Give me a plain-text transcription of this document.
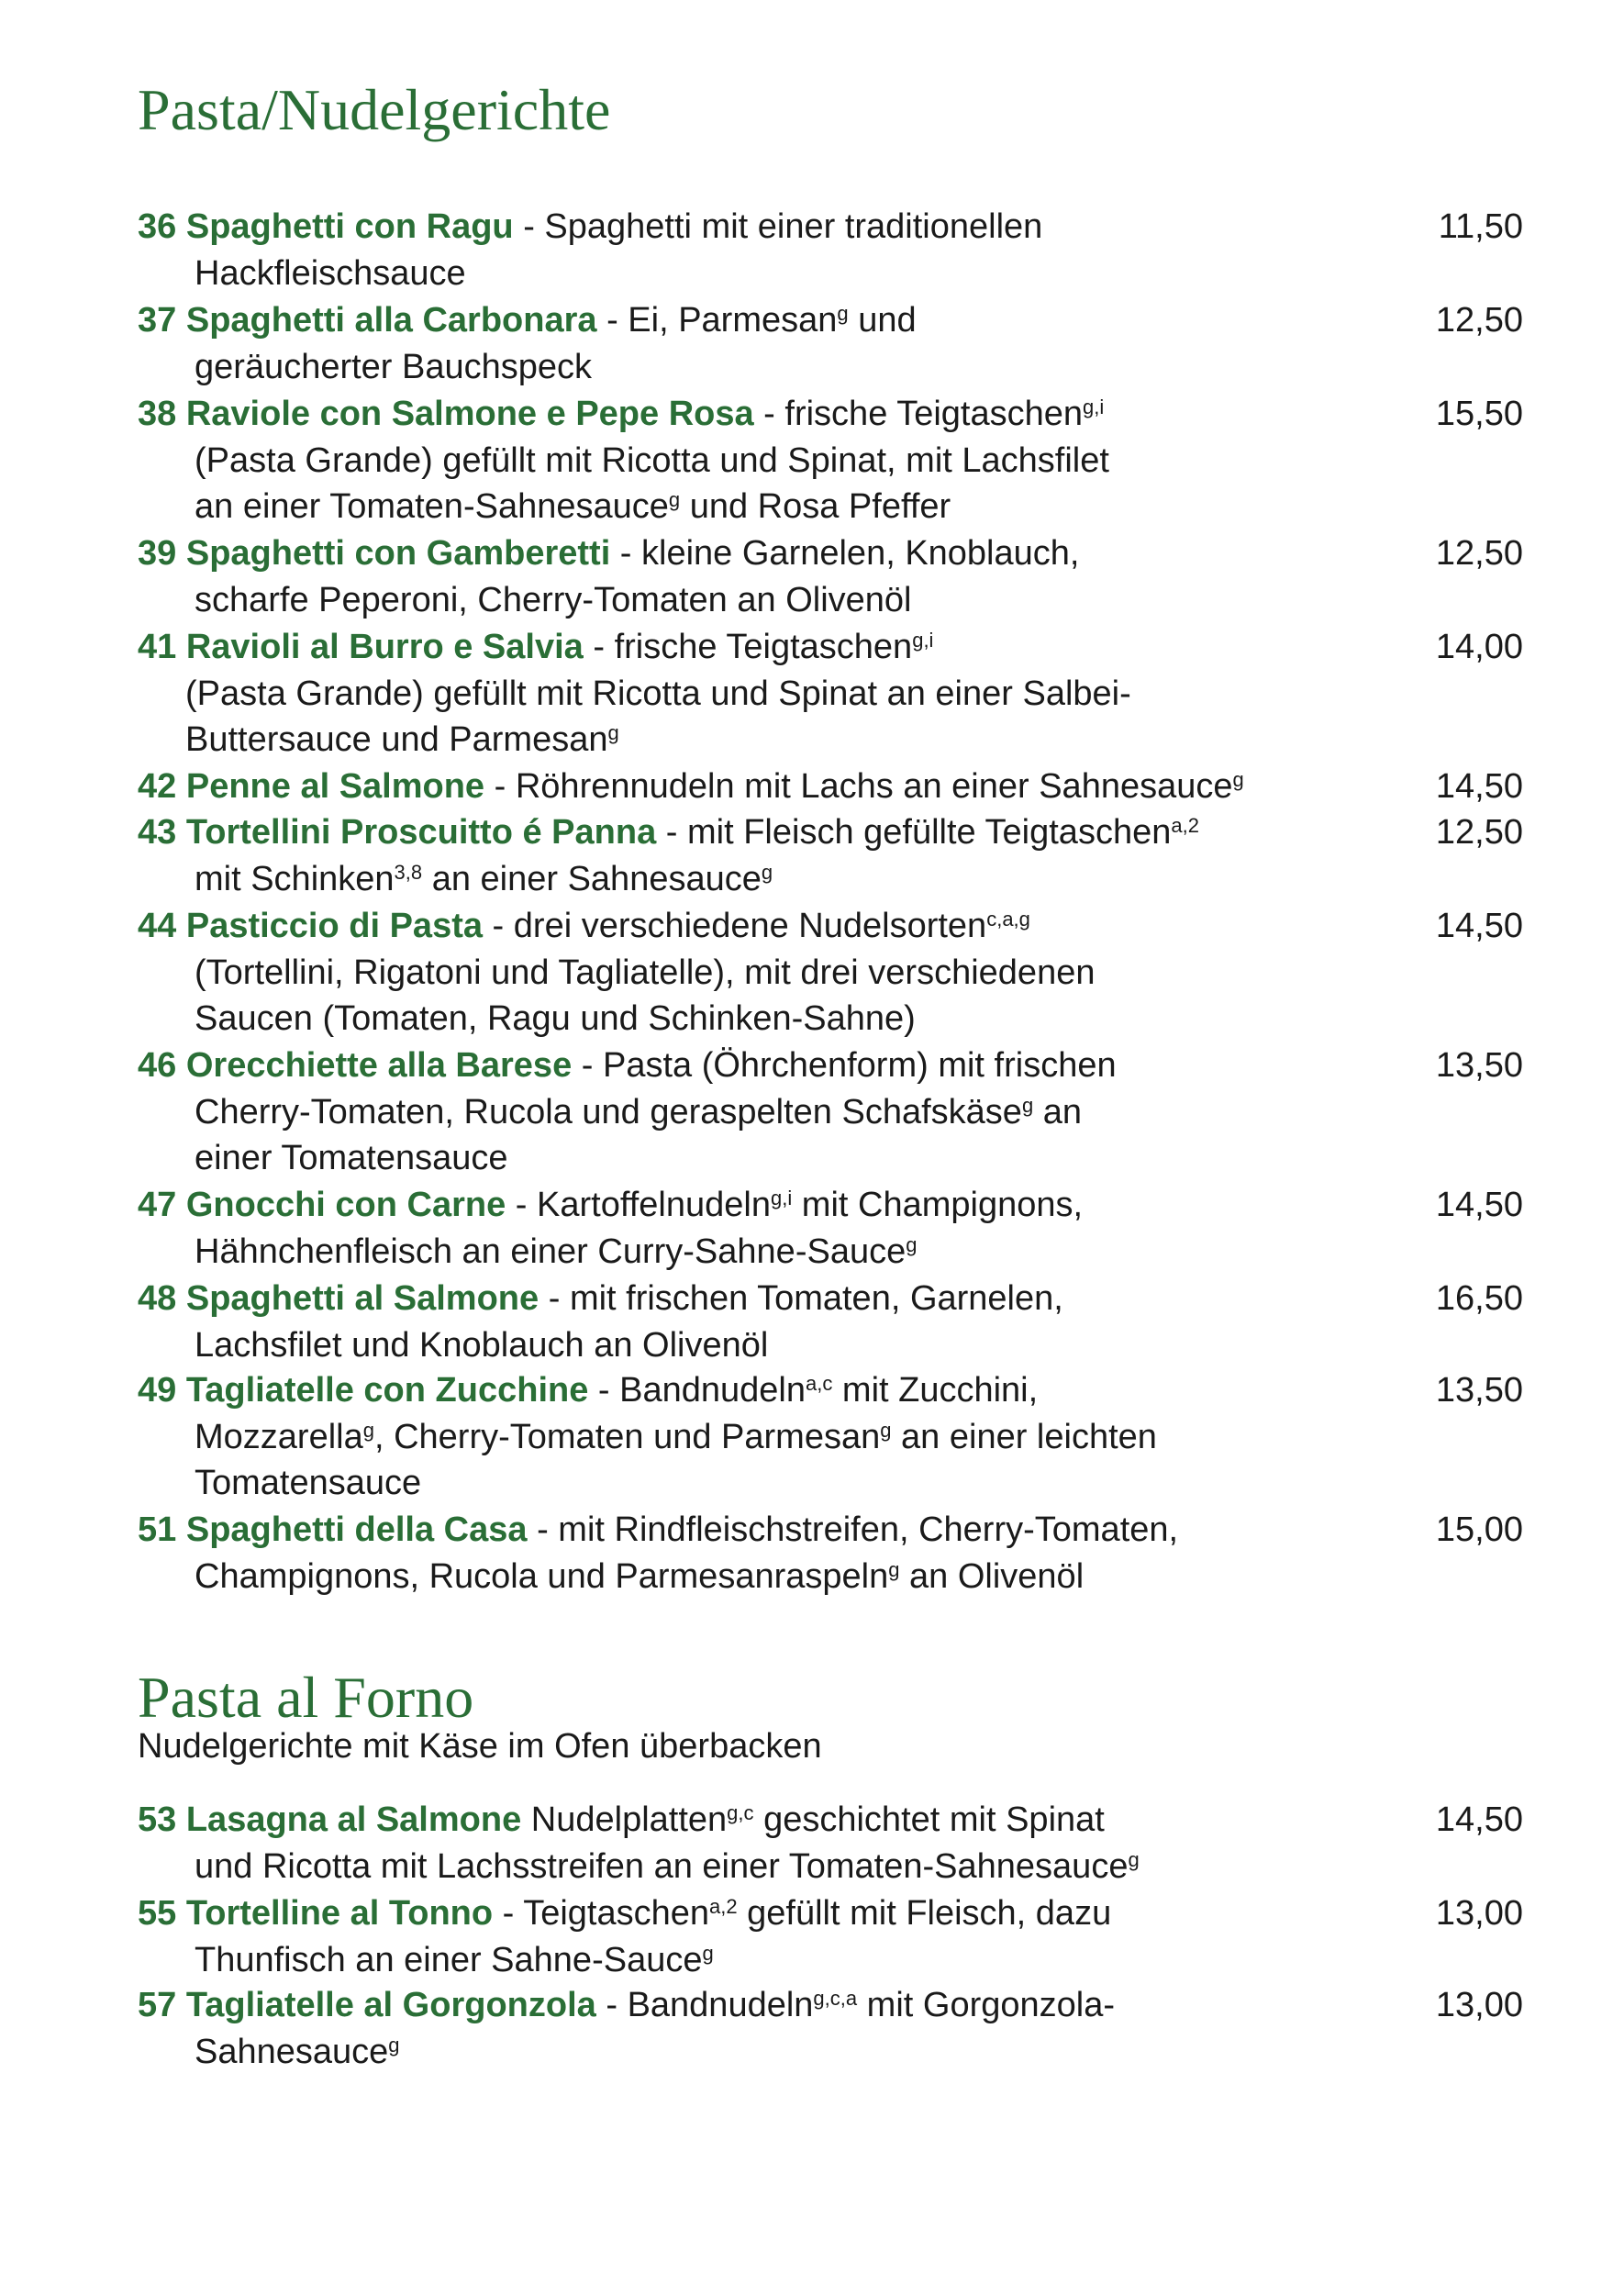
Pasta/Nudelgerichte
36 Spaghetti con Ragu - Spaghetti mit einer traditionellen
Hackfleischsauce
11,50
37 Spaghetti alla Carbonara - Ei, Parmesan$^g$ und
geräucherter Bauchspeck
12,50
38 Raviole con Salmone e Pepe Rosa - frische Teigtaschen$^{g,i}$
(Pasta Grande) gefüllt mit Ricotta und Spinat, mit Lachsfilet
an einer Tomaten-Sahnesauce$^g$ und Rosa Pfeffer
15,50
39 Spaghetti con Gamberetti - kleine Garnelen, Knoblauch,
scharfe Peperoni, Cherry-Tomaten an Olivenöl
12,50
41 Ravioli al Burro e Salvia - frische Teigtaschen$^{g,i}$
(Pasta Grande) gefüllt mit Ricotta und Spinat an einer Salbei-
Buttersauce und Parmesan$^g$
14,00
42 Penne al Salmone - Röhrennudeln mit Lachs an einer Sahnesauce$^g$	14,50
43 Tortellini Proscuitto é Panna - mit Fleisch gefüllte Teigtaschen$^{a,2}$
mit Schinken$^{3,8}$ an einer Sahnesauce$^g$
12,50
44 Pasticcio di Pasta - drei verschiedene Nudelsorten$^{c,a,g}$
(Tortellini, Rigatoni und Tagliatelle), mit drei verschiedenen
Saucen (Tomaten, Ragu und Schinken-Sahne)
14,50
46 Orecchiette alla Barese - Pasta (Öhrchenform) mit frischen
Cherry-Tomaten, Rucola und geraspelten Schafskäse$^g$ an
einer Tomatensauce
13,50
47 Gnocchi con Carne - Kartoffelnudeln$^{g,i}$ mit Champignons,
Hähnchenfleisch an einer Curry-Sahne-Sauce$^g$
14,50
48 Spaghetti al Salmone - mit frischen Tomaten, Garnelen,
Lachsfilet und Knoblauch an Olivenöl
16,50
49 Tagliatelle con Zucchine - Bandnudeln$^{a,c}$ mit Zucchini,
Mozzarella$^g$, Cherry-Tomaten und Parmesan$^g$ an einer leichten
Tomatensauce
13,50
51 Spaghetti della Casa - mit Rindfleischstreifen, Cherry-Tomaten,
Champignons, Rucola und Parmesanraspeln$^g$ an Olivenöl
15,00
Pasta al Forno

Nudelgerichte mit Käse im Ofen überbacken

53 Lasagna al Salmone Nudelplatten$^{g,c}$ geschichtet mit Spinat
und Ricotta mit Lachsstreifen an einer Tomaten-Sahnesauce$^g$
14,50
55 Tortelline al Tonno - Teigtaschen$^{a,2}$ gefüllt mit Fleisch, dazu
Thunfisch an einer Sahne-Sauce$^g$
13,00
57 Tagliatelle al Gorgonzola - Bandnudeln$^{g,c,a}$ mit Gorgonzola-
Sahnesauce$^g$
13,00
